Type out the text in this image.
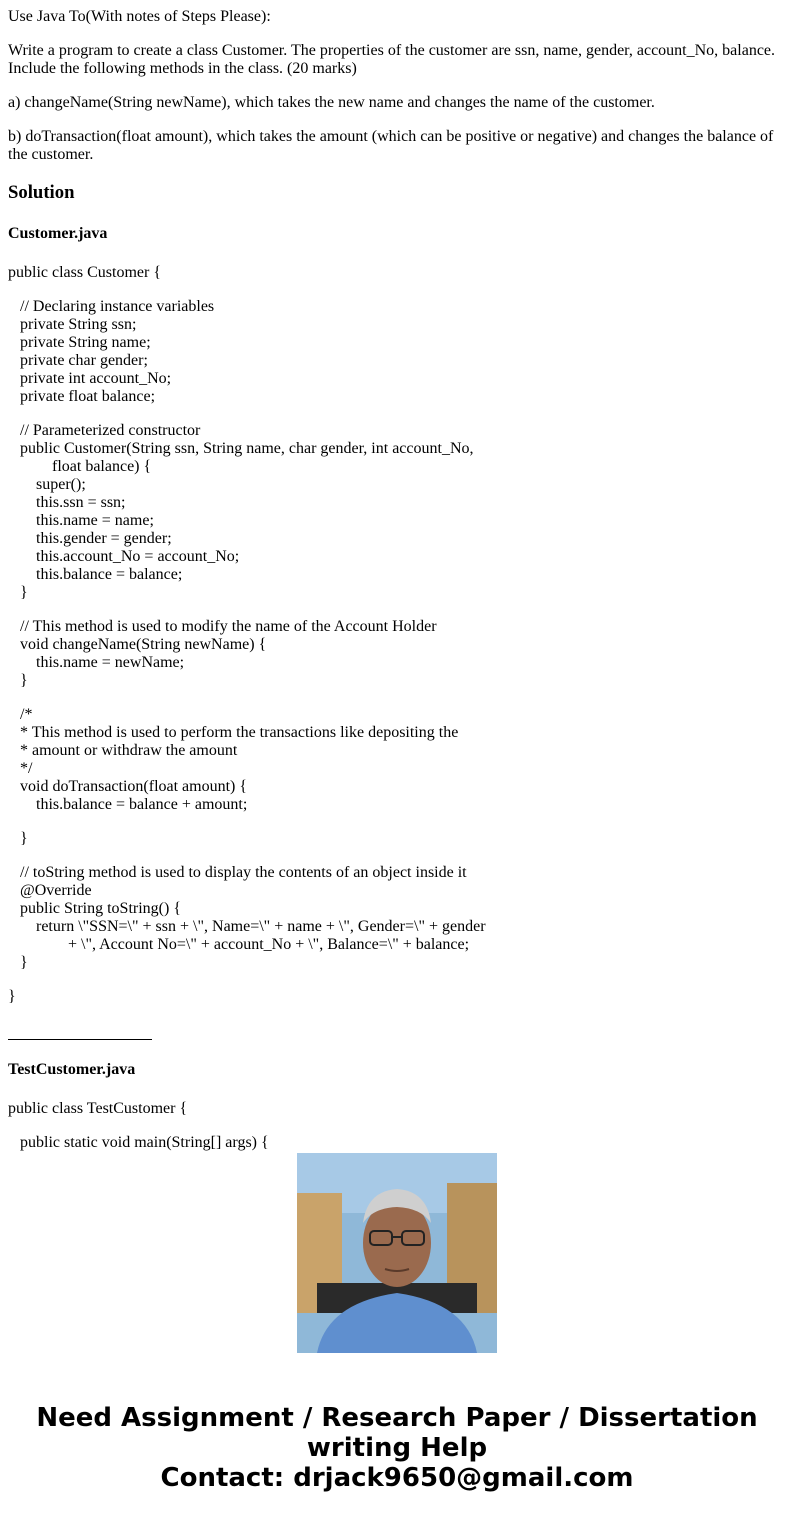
Use Java To(With notes of Steps Please):

Write a program to create a class Customer. The properties of the customer are ssn, name, gender, account_No, balance. Include the following methods in the class. (20 marks)

a) changeName(String newName), which takes the new name and changes the name of the customer.

b) doTransaction(float amount), which takes the amount (which can be positive or negative) and changes the balance of the customer.

Solution
Customer.java

public class Customer {

// Declaring instance variables
private String ssn;
private String name;
private char gender;
private int account_No;
private float balance;

// Parameterized constructor
public Customer(String ssn, String name, char gender, int account_No,
float balance) {
super();
this.ssn = ssn;
this.name = name;
this.gender = gender;
this.account_No = account_No;
this.balance = balance;
}

// This method is used to modify the name of the Account Holder
void changeName(String newName) {
this.name = newName;
}

/*
* This method is used to perform the transactions like depositing the
* amount or withdraw the amount
*/
void doTransaction(float amount) {
this.balance = balance + amount;

}

// toString method is used to display the contents of an object inside it
@Override
public String toString() {
return \"SSN=\" + ssn + \", Name=\" + name + \", Gender=\" + gender
+ \", Account No=\" + account_No + \", Balance=\" + balance;
}

}

TestCustomer.java

public class TestCustomer {

public static void main(String[] args) {

Need Assignment / Research Paper / Dissertation
writing Help
Contact: drjack9650@gmail.com
